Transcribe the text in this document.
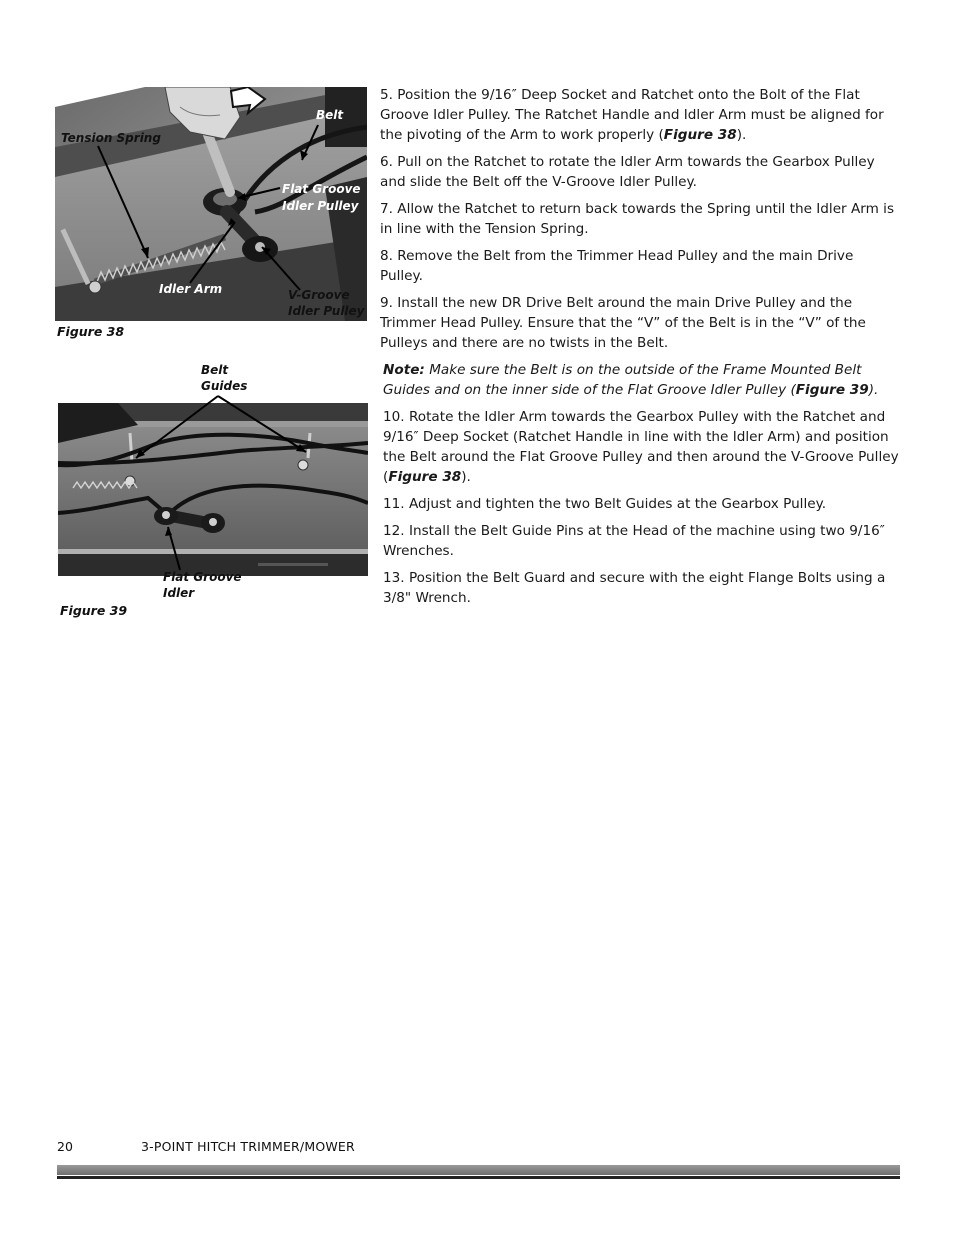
Tension Spring
Belt
Flat Groove
Idler Pulley
Idler Arm	V-Groove
Idler Pulley
Figure 38
Belt
Guides
Flat Groove
Idler
Figure 39

5. Position the 9/16″ Deep Socket and Ratchet onto the Bolt of the Flat Groove Idler Pulley. The Ratchet Handle and Idler Arm must be aligned for the pivoting of the Arm to work properly (Figure 38).

6. Pull on the Ratchet to rotate the Idler Arm towards the Gearbox Pulley and slide the Belt off the V-Groove Idler Pulley.

7. Allow the Ratchet to return back towards the Spring until the Idler Arm is in line with the Tension Spring.

8. Remove the Belt from the Trimmer Head Pulley and the main Drive Pulley.

9. Install the new DR Drive Belt around the main Drive Pulley and the Trimmer Head Pulley. Ensure that the “V” of the Belt is in the “V” of the Pulleys and there are no twists in the Belt.

Note: Make sure the Belt is on the outside of the Frame Mounted Belt Guides and on the inner side of the Flat Groove Idler Pulley (Figure 39).

10. Rotate the Idler Arm towards the Gearbox Pulley with the Ratchet and 9/16″ Deep Socket (Ratchet Handle in line with the Idler Arm) and position the Belt around the Flat Groove Pulley and then around the V-Groove Pulley (Figure 38).

11. Adjust and tighten the two Belt Guides at the Gearbox Pulley.

12. Install the Belt Guide Pins at the Head of the machine using two 9/16″ Wrenches.

13. Position the Belt Guard and secure with the eight Flange Bolts using a 3/8" Wrench.

20	3-POINT HITCH TRIMMER/MOWER
